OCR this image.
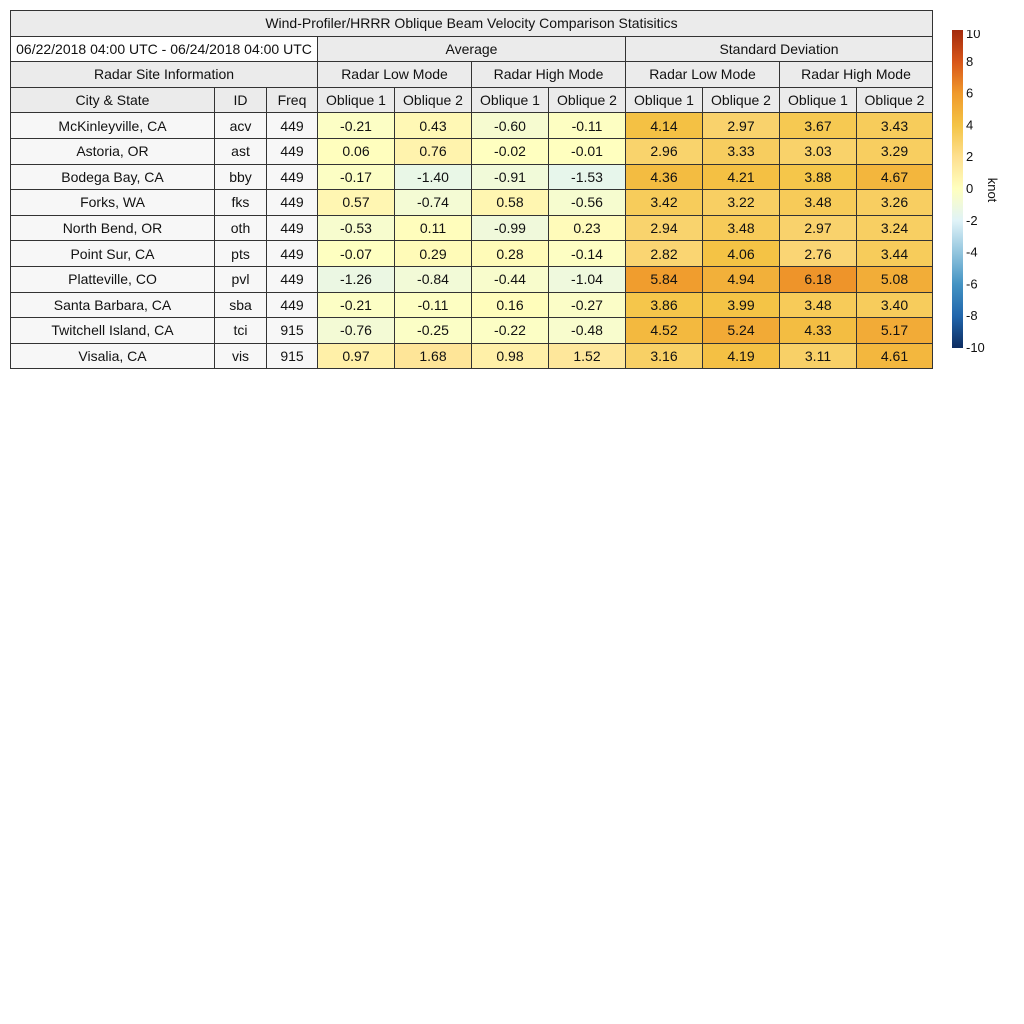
Wind-Profiler/HRRR Oblique Beam Velocity Comparison Statisitics										
06/22/2018 04:00 UTC - 06/24/2018 04:00 UTC			Average				Standard Deviation			
Radar Site Information			Radar Low Mode		Radar High Mode		Radar Low Mode		Radar High Mode	
City & State	ID	Freq	Oblique 1	Oblique 2	Oblique 1	Oblique 2	Oblique 1	Oblique 2	Oblique 1	Oblique 2
McKinleyville, CA	acv	449	-0.21	0.43	-0.60	-0.11	4.14	2.97	3.67	3.43
Astoria, OR	ast	449	0.06	0.76	-0.02	-0.01	2.96	3.33	3.03	3.29
Bodega Bay, CA	bby	449	-0.17	-1.40	-0.91	-1.53	4.36	4.21	3.88	4.67
Forks, WA	fks	449	0.57	-0.74	0.58	-0.56	3.42	3.22	3.48	3.26
North Bend, OR	oth	449	-0.53	0.11	-0.99	0.23	2.94	3.48	2.97	3.24
Point Sur, CA	pts	449	-0.07	0.29	0.28	-0.14	2.82	4.06	2.76	3.44
Platteville, CO	pvl	449	-1.26	-0.84	-0.44	-1.04	5.84	4.94	6.18	5.08
Santa Barbara, CA	sba	449	-0.21	-0.11	0.16	-0.27	3.86	3.99	3.48	3.40
Twitchell Island, CA	tci	915	-0.76	-0.25	-0.22	-0.48	4.52	5.24	4.33	5.17
Visalia, CA	vis	915	0.97	1.68	0.98	1.52	3.16	4.19	3.11	4.61
10
8
6
4
2
0
-2
-4
-6
-8
-10
knot
